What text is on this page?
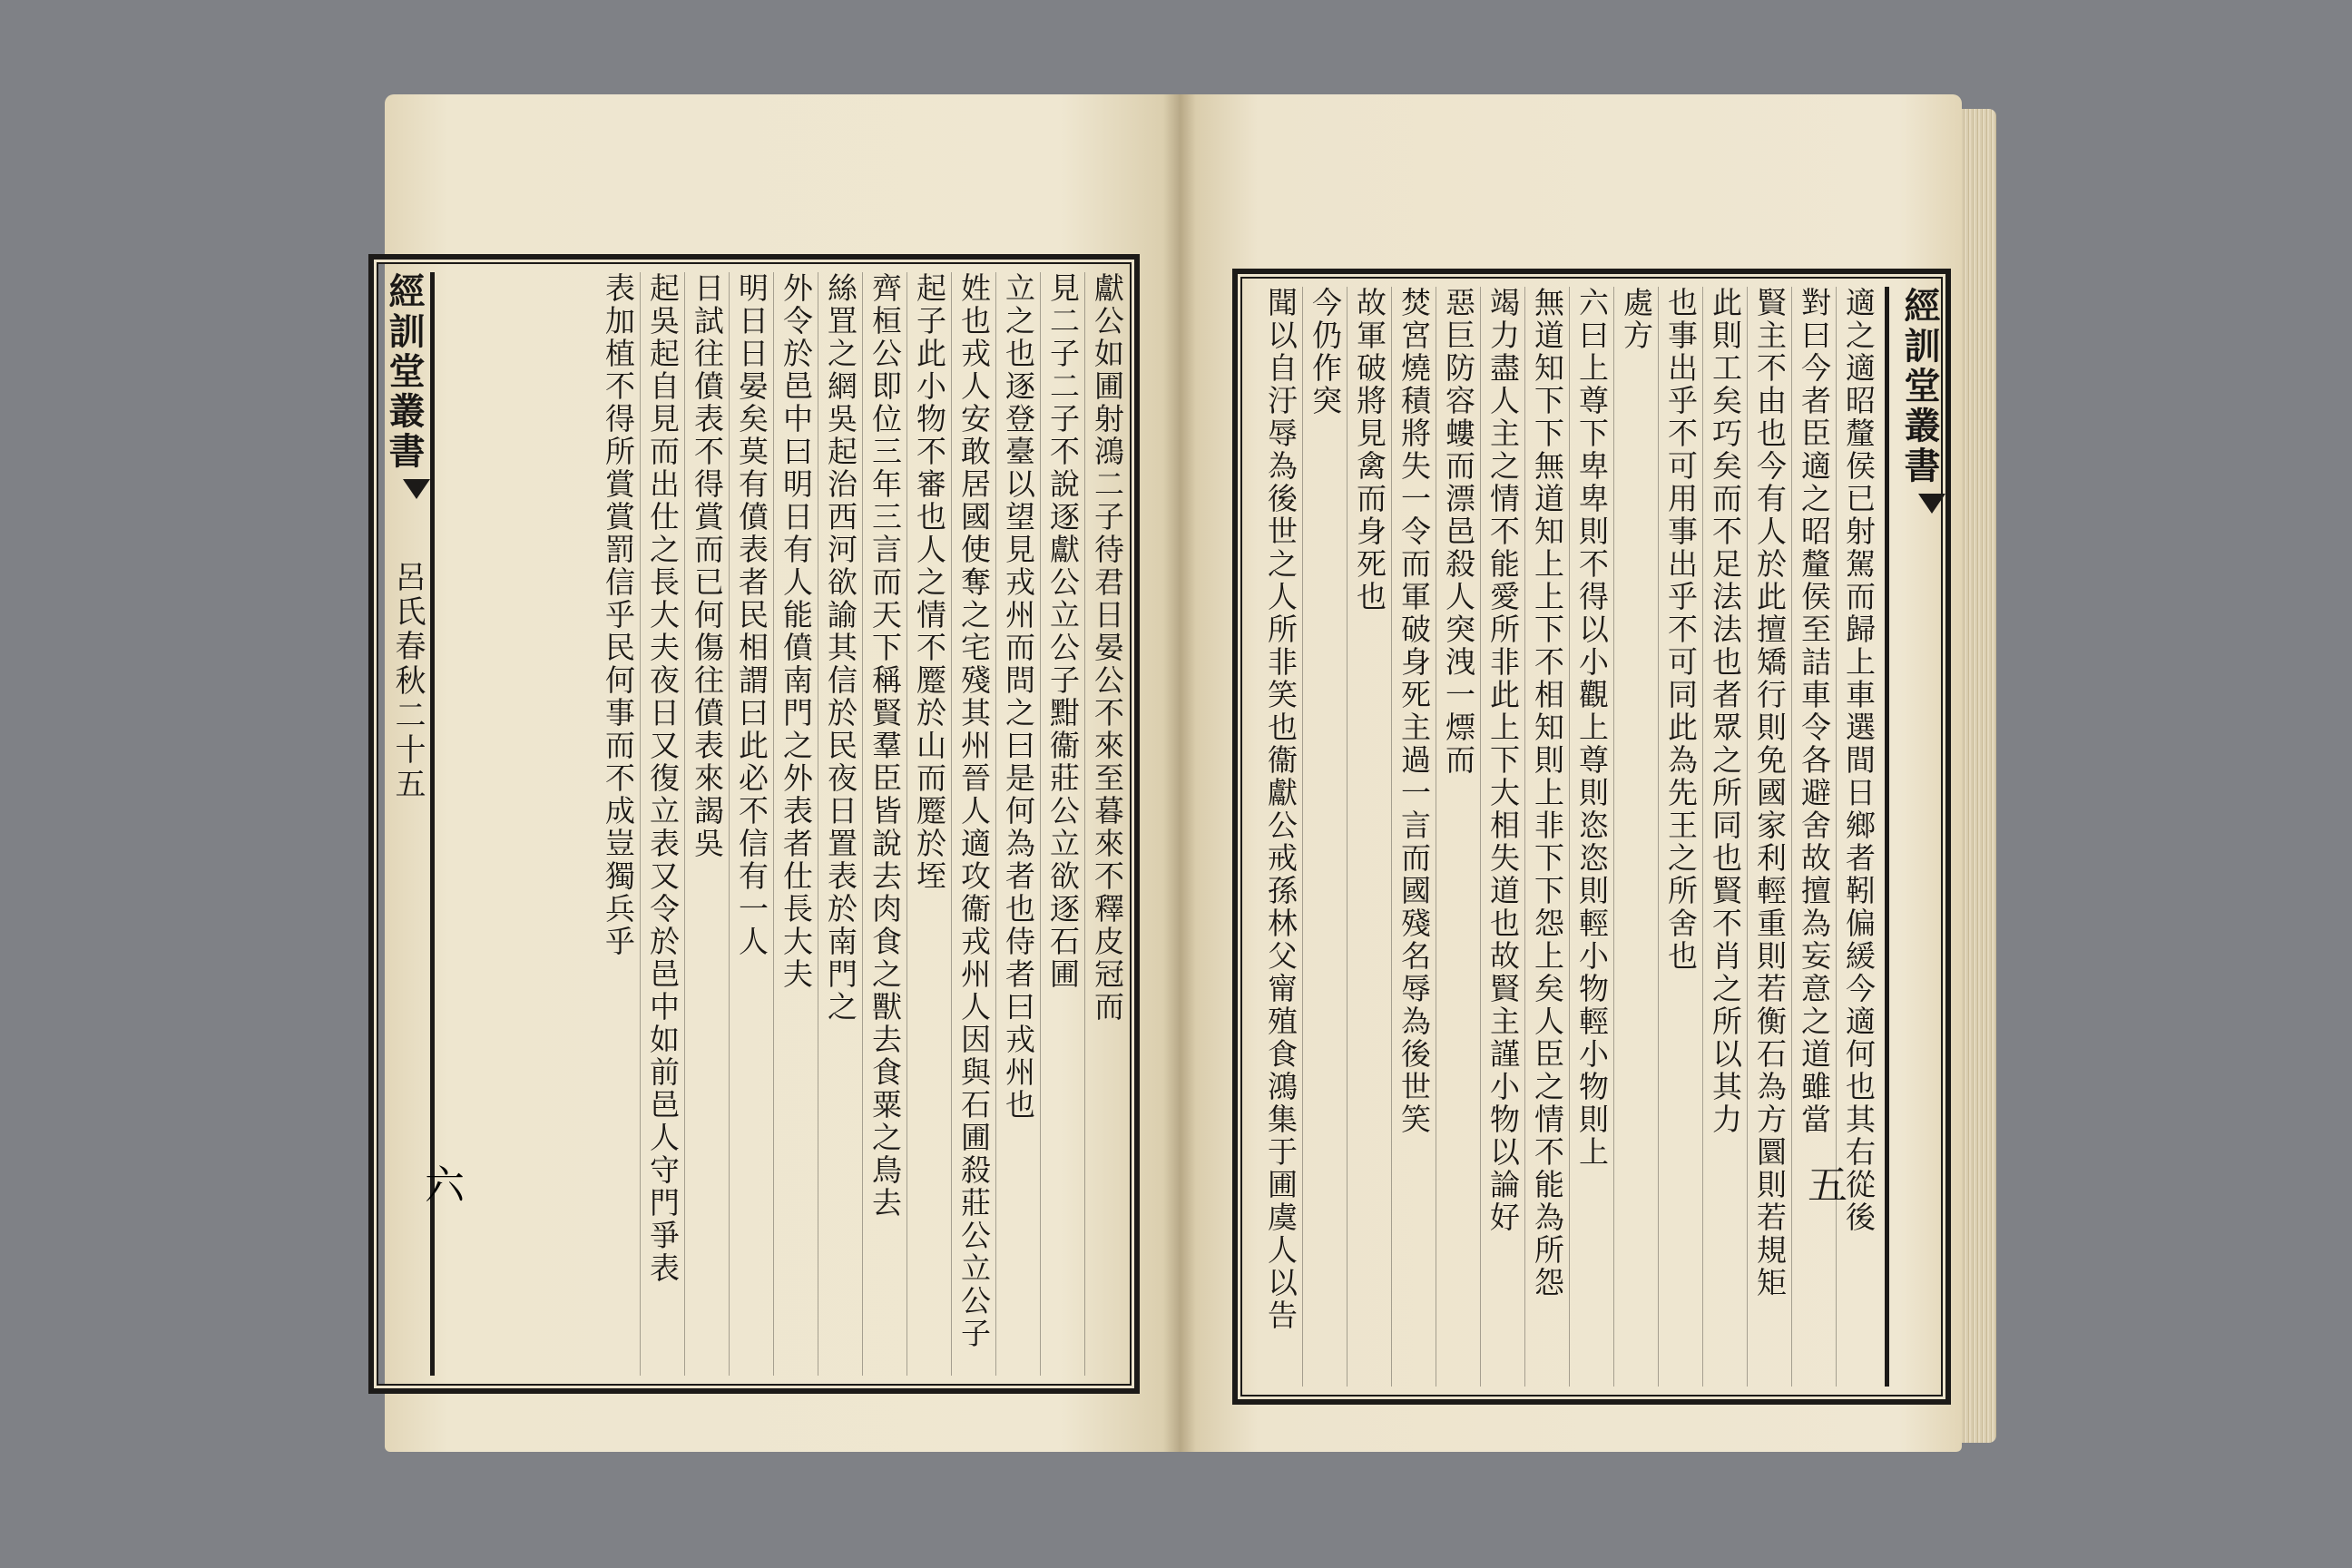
經訓堂叢書
呂氏春秋二十五	獻公如圃射鴻二子待君日晏公不來至暮來不釋皮冠而
見二子二子不說逐獻公立公子黚衞莊公立欲逐石圃
立之也逐登臺以望見戎州而問之曰是何為者也侍者曰戎州也
姓也戎人安敢居國使奪之宅殘其州晉人適攻衞戎州人因與石圃殺莊公立公子
起子此小物不審也人之情不蹷於山而蹷於垤
齊桓公即位三年三言而天下稱賢羣臣皆說去肉食之獸去食粟之鳥去
絲罝之網吳起治西河欲諭其信於民夜日置表於南門之
外令於邑中曰明日有人能僨南門之外表者仕長大夫
明日日晏矣莫有僨表者民相謂曰此必不信有一人
日試往僨表不得賞而已何傷往僨表來謁吳
起吳起自見而出仕之長大夫夜日又復立表又令於邑中如前邑人守門爭表
表加植不得所賞賞罰信乎民何事而不成豈獨兵乎	經訓堂叢書
適之適昭釐侯已射駕而歸上車選間日鄉者靷偏緩今適何也其右從後
對曰今者臣適之昭釐侯至詰車令各避舍故擅為妄意之道雖當
賢主不由也今有人於此擅矯行則免國家利輕重則若衡石為方圜則若規矩
此則工矣巧矣而不足法法也者眾之所同也賢不肖之所以其力
也事出乎不可用事出乎不可同此為先王之所舍也
處方
六曰上尊下卑卑則不得以小觀上尊則恣恣則輕小物輕小物則上
無道知下下無道知上上下不相知則上非下下怨上矣人臣之情不能為所怨
竭力盡人主之情不能愛所非此上下大相失道也故賢主謹小物以論好
惡巨防容螻而漂邑殺人突洩一熛而
焚宮燒積將失一令而軍破身死主過一言而國殘名辱為後世笑
故軍破將見禽而身死也
今仍作突
聞以自汙辱為後世之人所非笑也衞獻公戒孫林父甯殖食鴻集于圃虞人以告
六	五
